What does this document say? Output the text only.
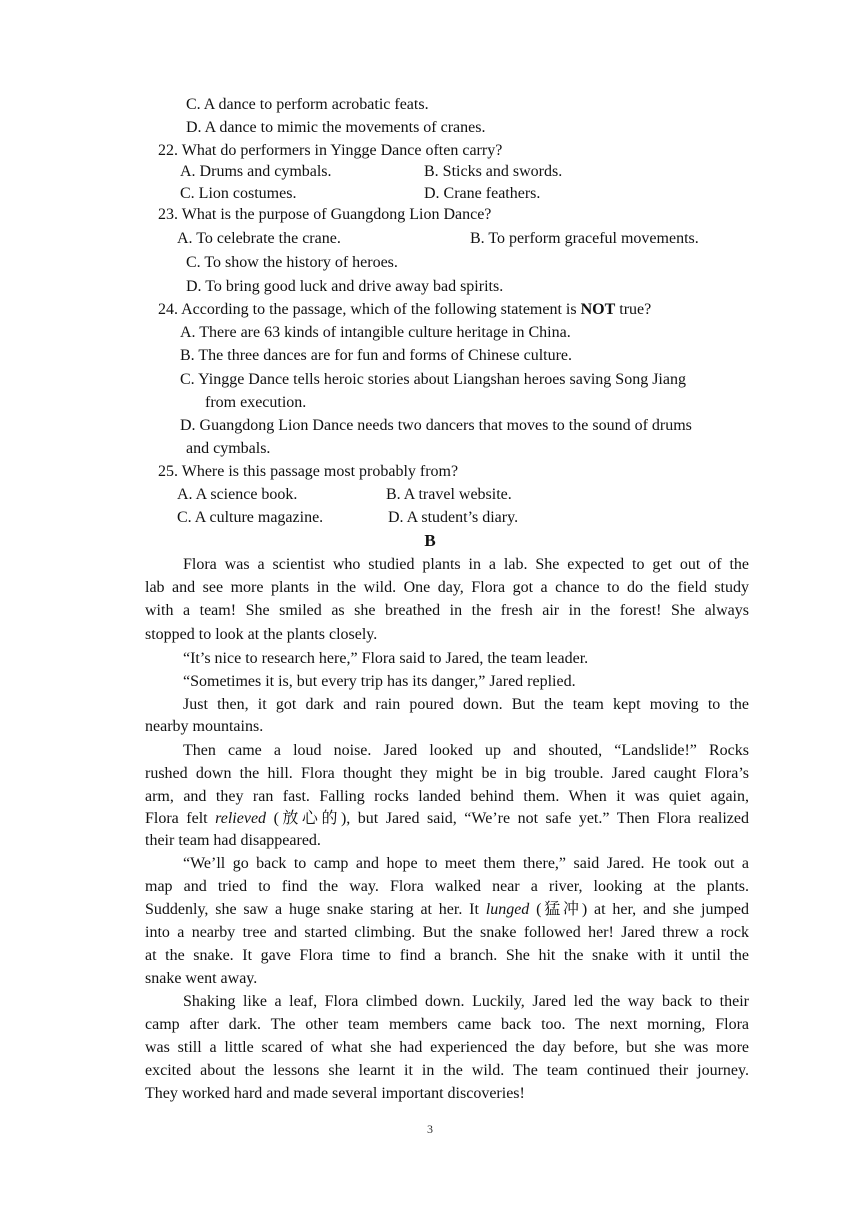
C. A dance to perform acrobatic feats.
D. A dance to mimic the movements of cranes.
22. What do performers in Yingge Dance often carry?
A. Drums and cymbals.	B. Sticks and swords.
C. Lion costumes.	D. Crane feathers.
23. What is the purpose of Guangdong Lion Dance?
A. To celebrate the crane.	B. To perform graceful movements.
C. To show the history of heroes.
D. To bring good luck and drive away bad spirits.
24. According to the passage, which of the following statement is NOT true?
A. There are 63 kinds of intangible culture heritage in China.
B. The three dances are for fun and forms of Chinese culture.
C. Yingge Dance tells heroic stories about Liangshan heroes saving Song Jiang
from execution.
D. Guangdong Lion Dance needs two dancers that moves to the sound of drums
and cymbals.
25. Where is this passage most probably from?
A. A science book.	B. A travel website.
C. A culture magazine.	D. A student’s diary.
B
Flora was a scientist who studied plants in a lab. She expected to get out of the
lab and see more plants in the wild. One day, Flora got a chance to do the field study
with a team! She smiled as she breathed in the fresh air in the forest! She always
stopped to look at the plants closely.
“It’s nice to research here,” Flora said to Jared, the team leader.
“Sometimes it is, but every trip has its danger,” Jared replied.
Just then, it got dark and rain poured down. But the team kept moving to the
nearby mountains.
Then came a loud noise. Jared looked up and shouted, “Landslide!” Rocks
rushed down the hill. Flora thought they might be in big trouble. Jared caught Flora’s
arm, and they ran fast. Falling rocks landed behind them. When it was quiet again,
Flora felt relieved (放心的), but Jared said, “We’re not safe yet.” Then Flora realized
their team had disappeared.
“We’ll go back to camp and hope to meet them there,” said Jared. He took out a
map and tried to find the way. Flora walked near a river, looking at the plants.
Suddenly, she saw a huge snake staring at her. It lunged (猛冲) at her, and she jumped
into a nearby tree and started climbing. But the snake followed her! Jared threw a rock
at the snake. It gave Flora time to find a branch. She hit the snake with it until the
snake went away.
Shaking like a leaf, Flora climbed down. Luckily, Jared led the way back to their
camp after dark. The other team members came back too. The next morning, Flora
was still a little scared of what she had experienced the day before, but she was more
excited about the lessons she learnt it in the wild. The team continued their journey.
They worked hard and made several important discoveries!
3
